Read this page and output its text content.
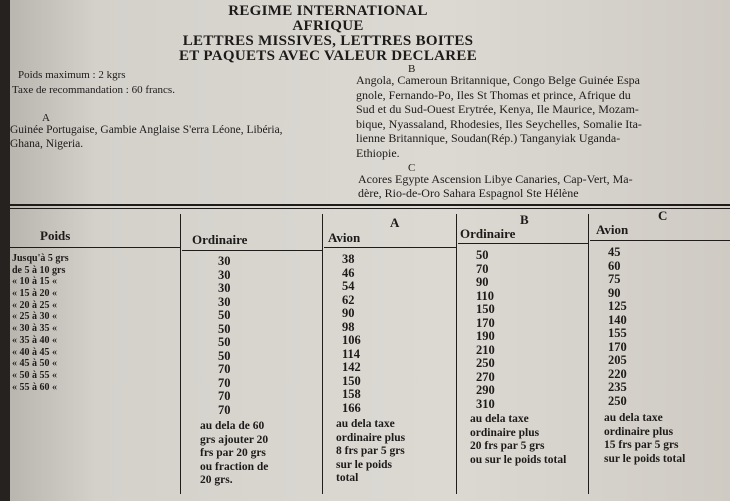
REGIME INTERNATIONAL
AFRIQUE
LETTRES MISSIVES, LETTRES BOITES
ET PAQUETS AVEC VALEUR DECLAREE
Poids maximum : 2 kgrs
Taxe de recommandation : 60 francs.
A
Guinée Portugaise, Gambie Anglaise S'erra Léone, Libéria,
Ghana, Nigeria.
B
Angola, Cameroun Britannique, Congo Belge Guinée Espa
gnole, Fernando-Po, Iles St Thomas et prince, Afrique du
Sud et du Sud-Ouest Erytrée, Kenya, Ile Maurice, Mozam-
bique, Nyassaland, Rhodesies, Iles Seychelles, Somalie Ita-
lienne Britannique, Soudan(Rép.) Tanganyiak Uganda-
Ethiopie.
C
Acores Egypte Ascension Libye Canaries, Cap-Vert, Ma-
dère, Rio-de-Oro Sahara Espagnol Ste Hélène
Poids	Ordinaire
A
Avion
B
Ordinaire
C
Avion
Jusqu'à 5 grs
de 5 à 10 grs
« 10 à 15 «
« 15 à 20 «
« 20 à 25 «
« 25 à 30 «
« 30 à 35 «
« 35 à 40 «
« 40 à 45 «
« 45 à 50 «
« 50 à 55 «
« 55 à 60 «
30
30
30
30
50
50
50
50
70
70
70
70
au dela de 60
grs ajouter 20
frs par 20 grs
ou fraction de
20 grs.
38
46
54
62
90
98
106
114
142
150
158
166
au dela taxe
ordinaire plus
8 frs par 5 grs
sur le poids
total
50
70
90
110
150
170
190
210
250
270
290
310
au dela taxe
ordinaire plus
20 frs par 5 grs
ou sur le poids total
45
60
75
90
125
140
155
170
205
220
235
250
au dela taxe
ordinaire plus
15 frs par 5 grs
sur le poids total
